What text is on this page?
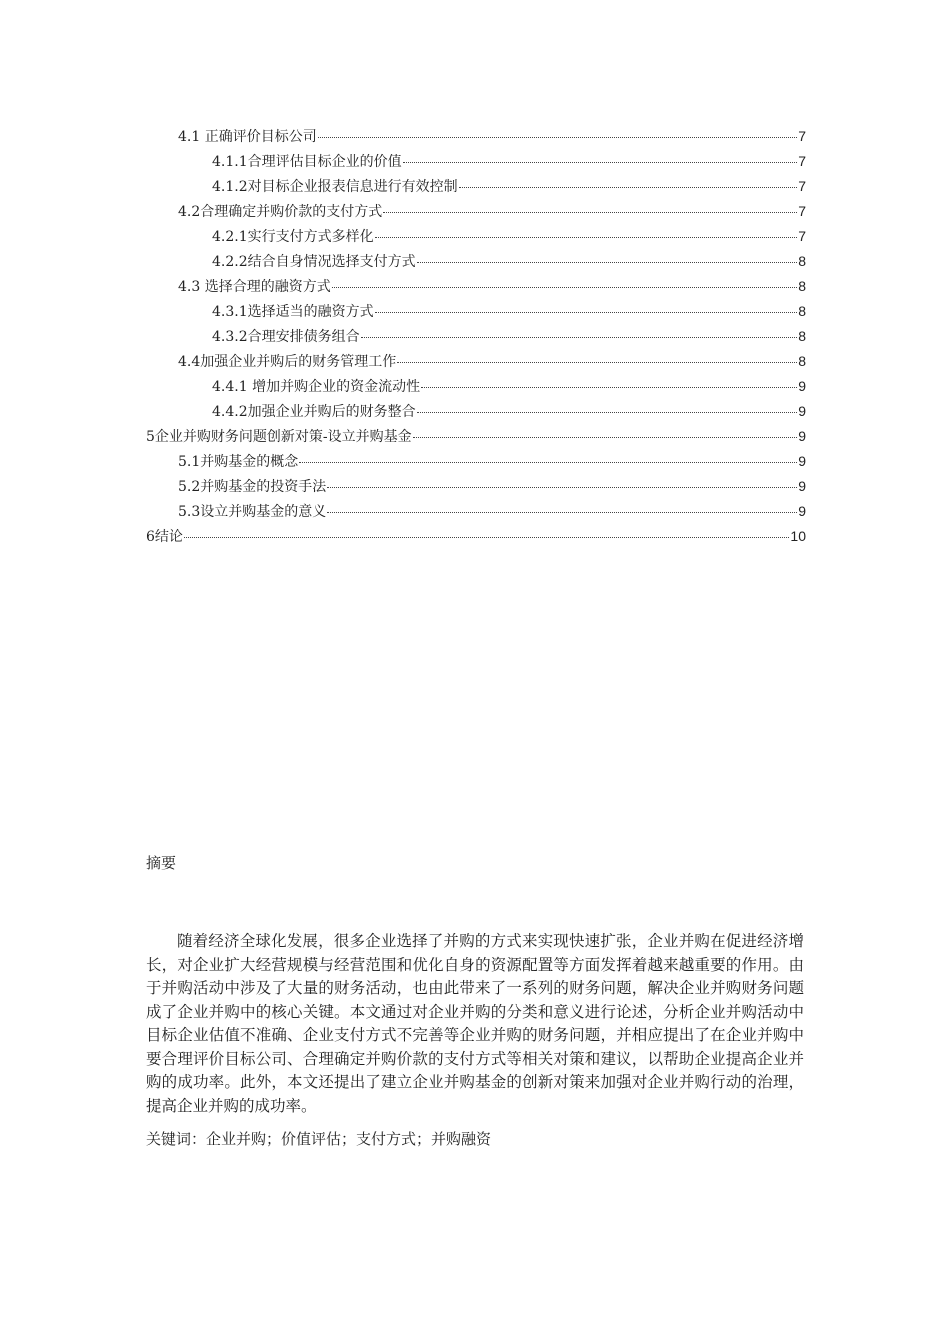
4.1 正确评价目标公司	7
4.1.1合理评估目标企业的价值	7
4.1.2对目标企业报表信息进行有效控制	7
4.2合理确定并购价款的支付方式	7
4.2.1实行支付方式多样化	7
4.2.2结合自身情况选择支付方式	8
4.3 选择合理的融资方式	8
4.3.1选择适当的融资方式	8
4.3.2合理安排债务组合	8
4.4加强企业并购后的财务管理工作	8
4.4.1 增加并购企业的资金流动性	9
4.4.2加强企业并购后的财务整合	9
5企业并购财务问题创新对策-设立并购基金	9
5.1并购基金的概念	9
5.2并购基金的投资手法	9
5.3设立并购基金的意义	9
6结论	10
摘要

随着经济全球化发展，很多企业选择了并购的方式来实现快速扩张，企业并购在促进经济增长，对企业扩大经营规模与经营范围和优化自身的资源配置等方面发挥着越来越重要的作用。由于并购活动中涉及了大量的财务活动，也由此带来了一系列的财务问题，解决企业并购财务问题成了企业并购中的核心关键。本文通过对企业并购的分类和意义进行论述，分析企业并购活动中目标企业估值不准确、企业支付方式不完善等企业并购的财务问题，并相应提出了在企业并购中要合理评价目标公司、合理确定并购价款的支付方式等相关对策和建议，以帮助企业提高企业并购的成功率。此外，本文还提出了建立企业并购基金的创新对策来加强对企业并购行动的治理，提高企业并购的成功率。

关键词：企业并购；价值评估；支付方式；并购融资
